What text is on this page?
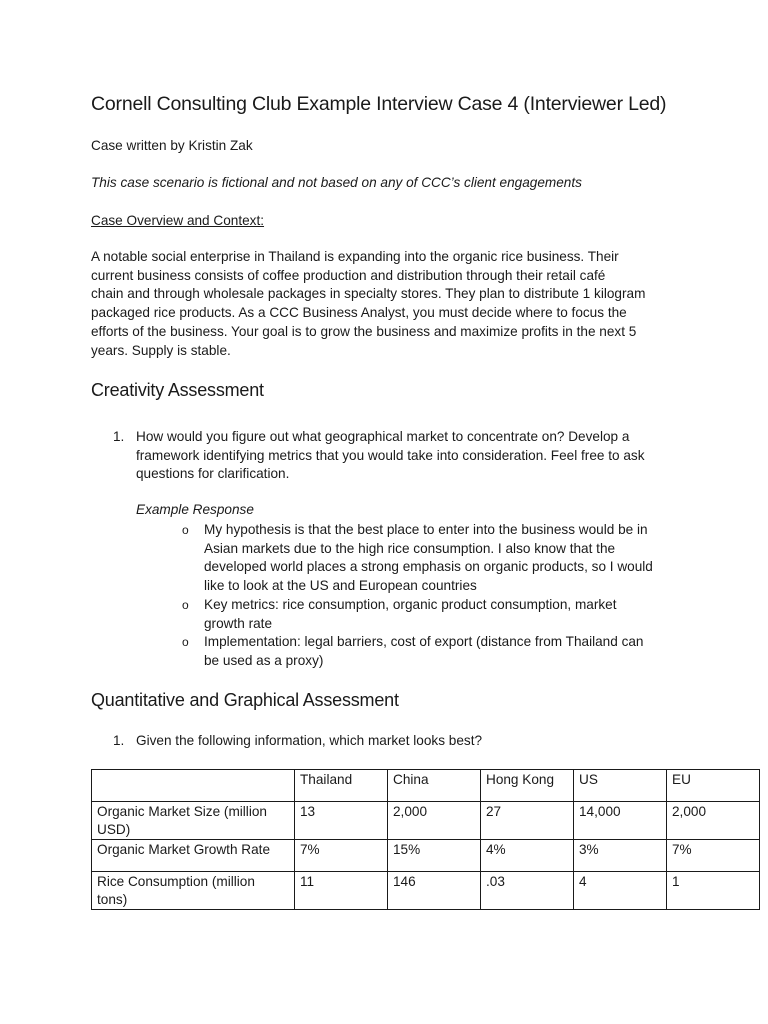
Cornell Consulting Club Example Interview Case 4 (Interviewer Led)

Case written by Kristin Zak

This case scenario is fictional and not based on any of CCC’s client engagements

Case Overview and Context:

A notable social enterprise in Thailand is expanding into the organic rice business. Their
current business consists of coffee production and distribution through their retail café
chain and through wholesale packages in specialty stores. They plan to distribute 1 kilogram
packaged rice products. As a CCC Business Analyst, you must decide where to focus the
efforts of the business. Your goal is to grow the business and maximize profits in the next 5
years. Supply is stable.

Creativity Assessment
1. How would you figure out what geographical market to concentrate on? Develop a
framework identifying metrics that you would take into consideration. Feel free to ask
questions for clarification.
Example Response
o My hypothesis is that the best place to enter into the business would be in
Asian markets due to the high rice consumption. I also know that the
developed world places a strong emphasis on organic products, so I would
like to look at the US and European countries
o Key metrics: rice consumption, organic product consumption, market
growth rate
o Implementation: legal barriers, cost of export (distance from Thailand can
be used as a proxy)
Quantitative and Graphical Assessment
1. Given the following information, which market looks best?
	Thailand	China	Hong Kong	US	EU
Organic Market Size (million
USD)	13	2,000	27	14,000	2,000
Organic Market Growth Rate	7%	15%	4%	3%	7%
Rice Consumption (million
tons)	11	146	.03	4	1
